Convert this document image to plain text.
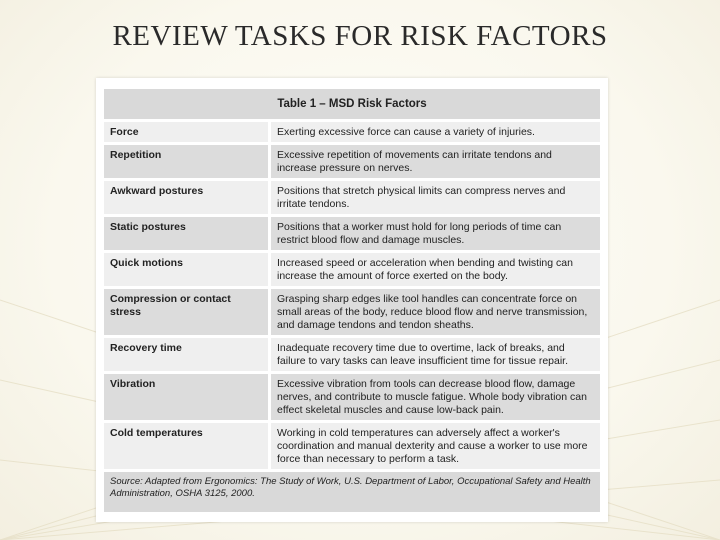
REVIEW TASKS FOR RISK FACTORS
Table 1 – MSD Risk Factors	
Force	Exerting excessive force can cause a variety of injuries.
Repetition	Excessive repetition of movements can irritate tendons and increase pressure on nerves.
Awkward postures	Positions that stretch physical limits can compress nerves and irritate tendons.
Static postures	Positions that a worker must hold for long periods of time can restrict blood flow and damage muscles.
Quick motions	Increased speed or acceleration when bending and twisting can increase the amount of force exerted on the body.
Compression or contact stress	Grasping sharp edges like tool handles can concentrate force on small areas of the body, reduce blood flow and nerve transmission, and damage tendons and tendon sheaths.
Recovery time	Inadequate recovery time due to overtime, lack of breaks, and failure to vary tasks can leave insufficient time for tissue repair.
Vibration	Excessive vibration from tools can decrease blood flow, damage nerves, and contribute to muscle fatigue. Whole body vibration can effect skeletal muscles and cause low-back pain.
Cold temperatures	Working in cold temperatures can adversely affect a worker's coordination and manual dexterity and cause a worker to use more force than necessary to perform a task.
Source: Adapted from Ergonomics: The Study of Work, U.S. Department of Labor, Occupational Safety and Health Administration, OSHA 3125, 2000.
